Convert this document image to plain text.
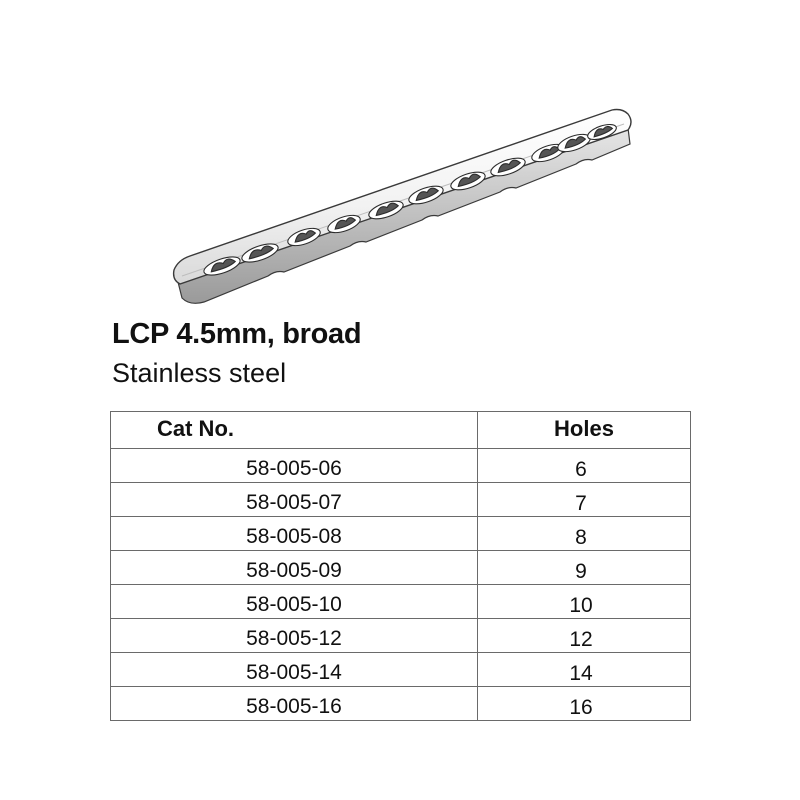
LCP 4.5mm, broad
Stainless steel
Cat No.	Holes
58-005-06	6
58-005-07	7
58-005-08	8
58-005-09	9
58-005-10	10
58-005-12	12
58-005-14	14
58-005-16	16
